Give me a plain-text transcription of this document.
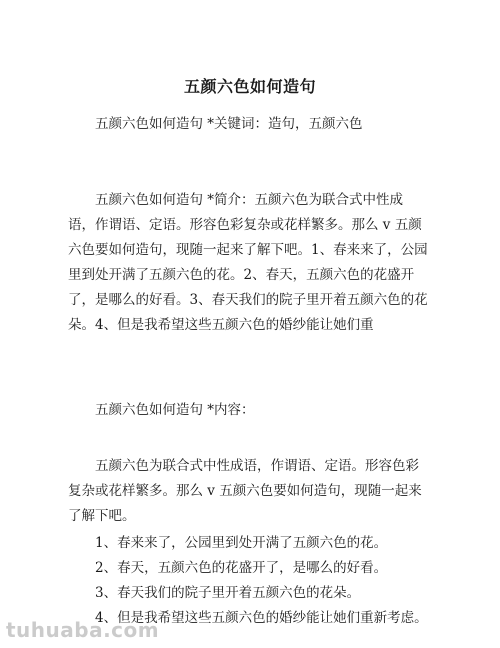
五颜六色如何造句

五颜六色如何造句 *关键词：造句，五颜六色

五颜六色如何造句 *简介：五颜六色为联合式中性成语，作谓语、定语。形容色彩复杂或花样繁多。那么 v 五颜六色要如何造句，现随一起来了解下吧。1、春来来了，公园里到处开满了五颜六色的花。2、春天，五颜六色的花盛开了，是哪么的好看。3、春天我们的院子里开着五颜六色的花朵。4、但是我希望这些五颜六色的婚纱能让她们重

五颜六色如何造句 *内容：

五颜六色为联合式中性成语，作谓语、定语。形容色彩复杂或花样繁多。那么 v 五颜六色要如何造句，现随一起来了解下吧。

1、春来来了，公园里到处开满了五颜六色的花。
2、春天，五颜六色的花盛开了，是哪么的好看。
3、春天我们的院子里开着五颜六色的花朵。
4、但是我希望这些五颜六色的婚纱能让她们重新考虑。
tuhuaba.com
